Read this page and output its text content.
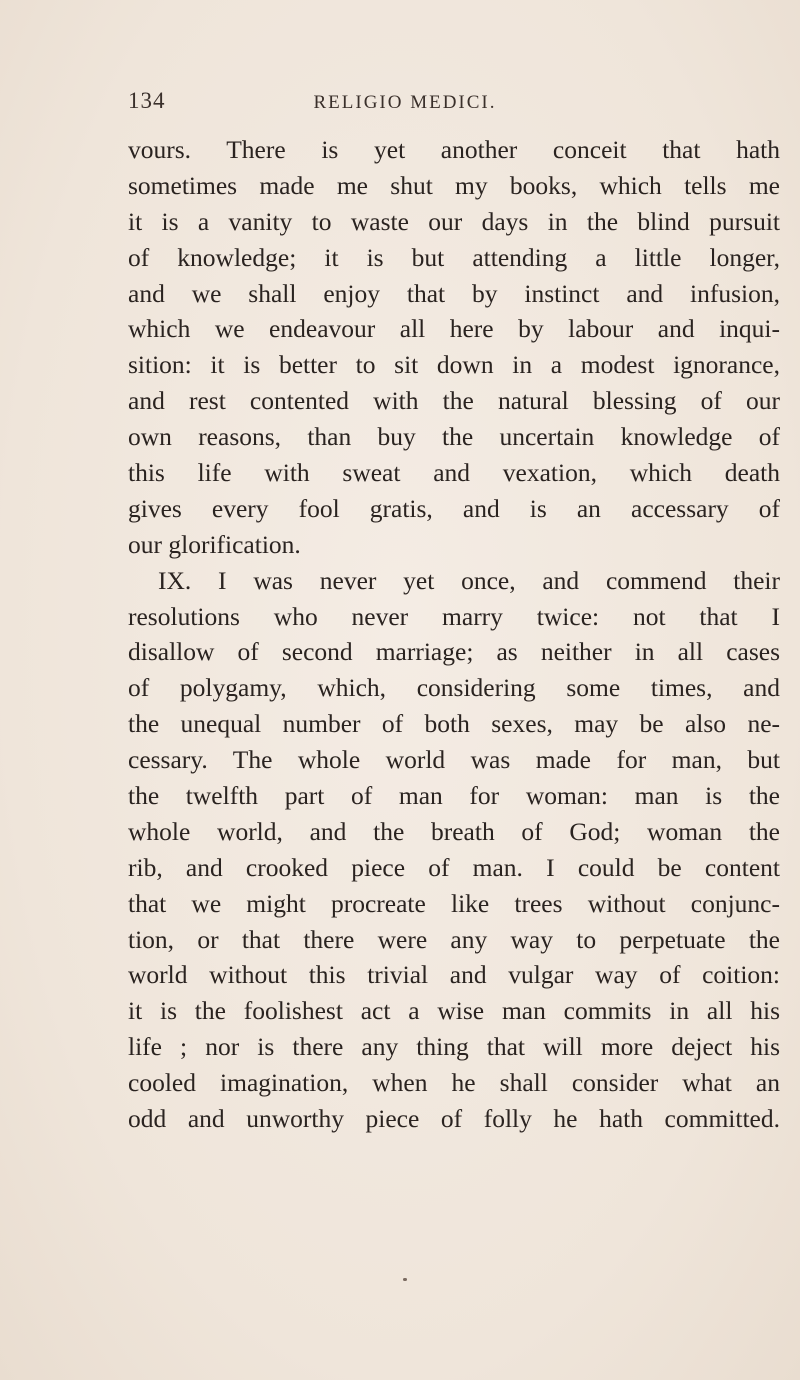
134	RELIGIO MEDICI.
vours. There is yet another conceit that hath
sometimes made me shut my books, which tells me
it is a vanity to waste our days in the blind pursuit
of knowledge; it is but attending a little longer,
and we shall enjoy that by instinct and infusion,
which we endeavour all here by labour and inqui-
sition: it is better to sit down in a modest ignorance,
and rest contented with the natural blessing of our
own reasons, than buy the uncertain knowledge of
this life with sweat and vexation, which death
gives every fool gratis, and is an accessary of
our glorification.
IX. I was never yet once, and commend their
resolutions who never marry twice: not that I
disallow of second marriage; as neither in all cases
of polygamy, which, considering some times, and
the unequal number of both sexes, may be also ne-
cessary. The whole world was made for man, but
the twelfth part of man for woman: man is the
whole world, and the breath of God; woman the
rib, and crooked piece of man. I could be content
that we might procreate like trees without conjunc-
tion, or that there were any way to perpetuate the
world without this trivial and vulgar way of coition:
it is the foolishest act a wise man commits in all his
life ; nor is there any thing that will more deject his
cooled imagination, when he shall consider what an
odd and unworthy piece of folly he hath committed.
